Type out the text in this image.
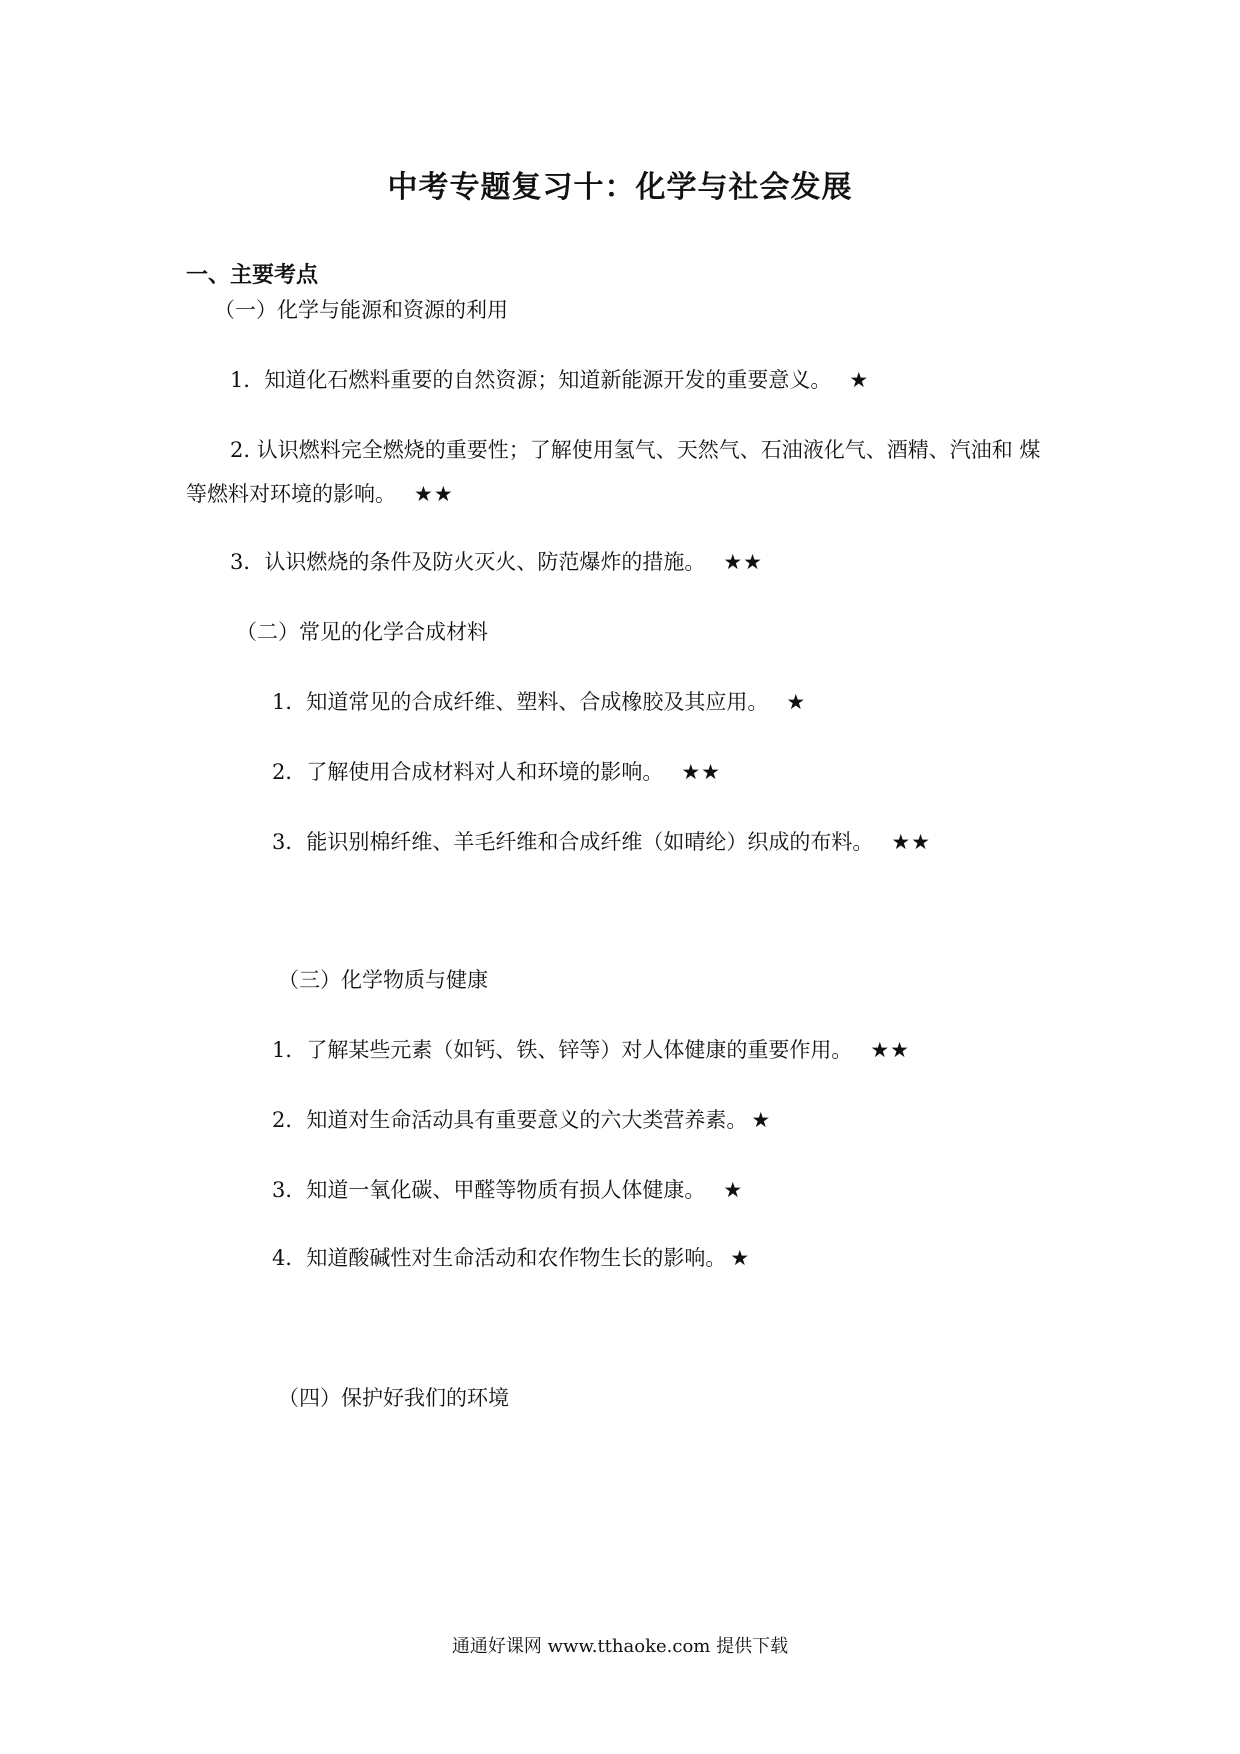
中考专题复习十：化学与社会发展
一、主要考点
（一）化学与能源和资源的利用
1．知道化石燃料重要的自然资源；知道新能源开发的重要意义。 ★
2. 认识燃料完全燃烧的重要性；了解使用氢气、天然气、石油液化气、酒精、汽油和 煤
等燃料对环境的影响。 ★★
3．认识燃烧的条件及防火灭火、防范爆炸的措施。 ★★
（二）常见的化学合成材料
1．知道常见的合成纤维、塑料、合成橡胶及其应用。 ★
2．了解使用合成材料对人和环境的影响。 ★★
3．能识别棉纤维、羊毛纤维和合成纤维（如晴纶）织成的布料。 ★★
（三）化学物质与健康
1．了解某些元素（如钙、铁、锌等）对人体健康的重要作用。 ★★
2．知道对生命活动具有重要意义的六大类营养素。 ★
3．知道一氧化碳、甲醛等物质有损人体健康。 ★
4．知道酸碱性对生命活动和农作物生长的影响。 ★
（四）保护好我们的环境
通通好课网 www.tthaoke.com 提供下载
